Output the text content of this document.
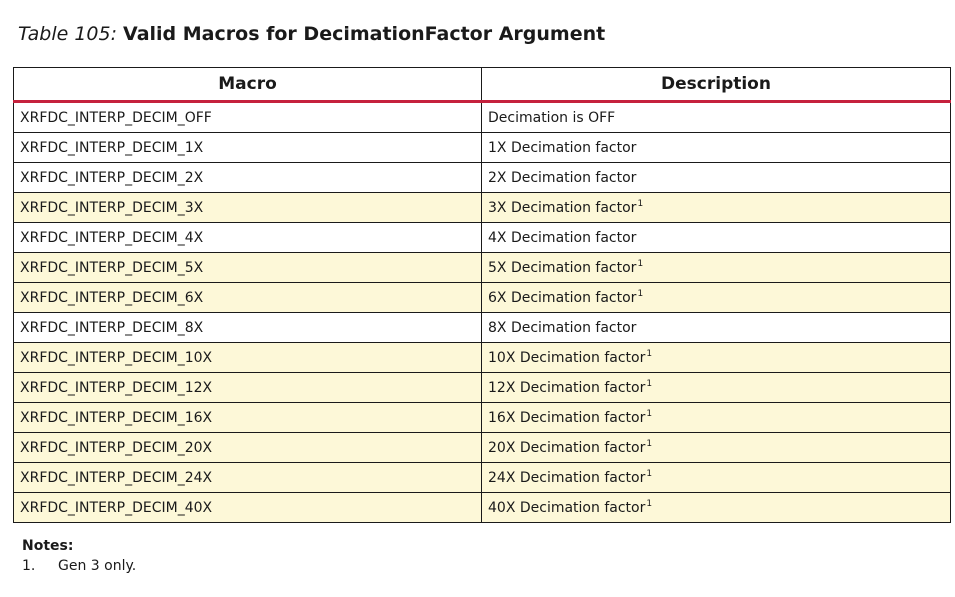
Table 105: Valid Macros for DecimationFactor Argument
Macro	Description
XRFDC_INTERP_DECIM_OFF	Decimation is OFF
XRFDC_INTERP_DECIM_1X	1X Decimation factor
XRFDC_INTERP_DECIM_2X	2X Decimation factor
XRFDC_INTERP_DECIM_3X	3X Decimation factor$^1$
XRFDC_INTERP_DECIM_4X	4X Decimation factor
XRFDC_INTERP_DECIM_5X	5X Decimation factor$^1$
XRFDC_INTERP_DECIM_6X	6X Decimation factor$^1$
XRFDC_INTERP_DECIM_8X	8X Decimation factor
XRFDC_INTERP_DECIM_10X	10X Decimation factor$^1$
XRFDC_INTERP_DECIM_12X	12X Decimation factor$^1$
XRFDC_INTERP_DECIM_16X	16X Decimation factor$^1$
XRFDC_INTERP_DECIM_20X	20X Decimation factor$^1$
XRFDC_INTERP_DECIM_24X	24X Decimation factor$^1$
XRFDC_INTERP_DECIM_40X	40X Decimation factor$^1$
Notes:
1. Gen 3 only.
